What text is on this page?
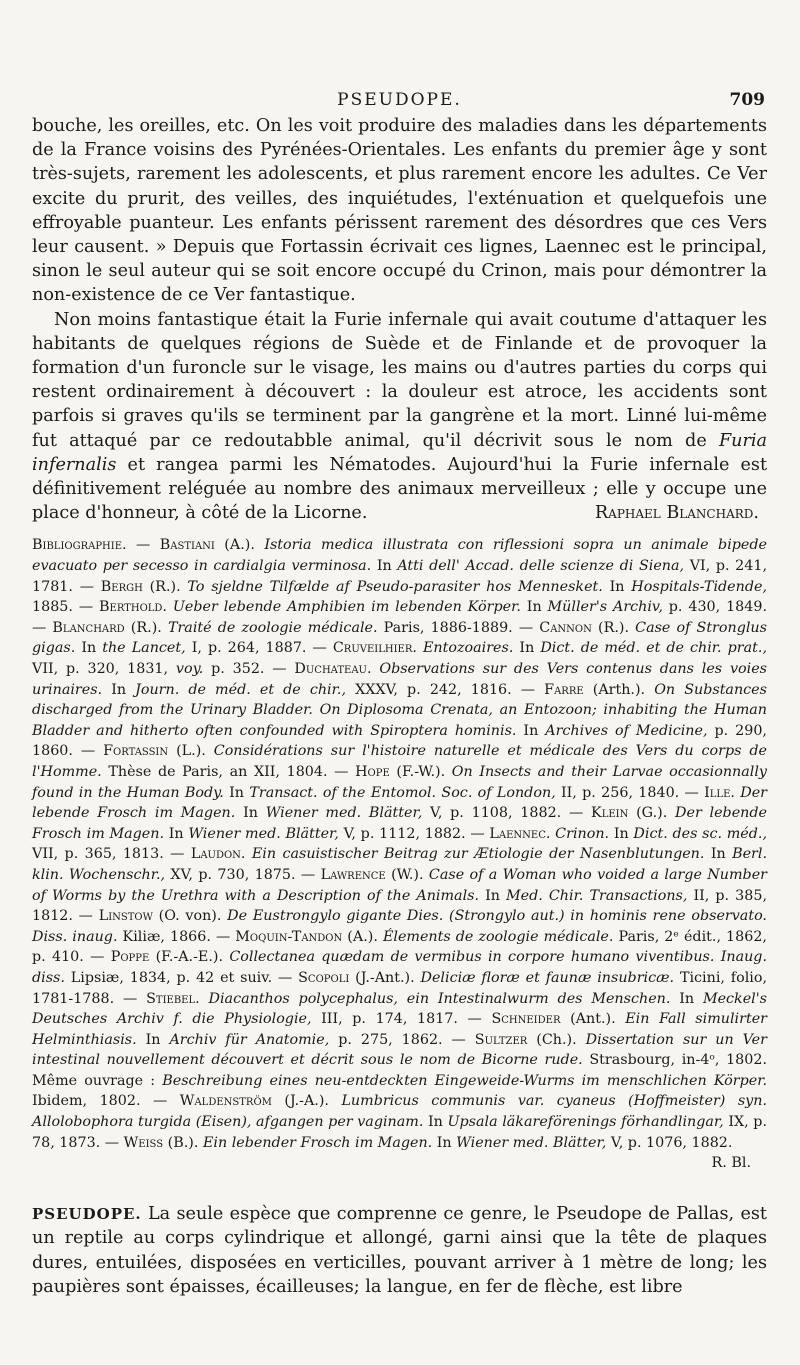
PSEUDOPE.	709

bouche, les oreilles, etc. On les voit produire des maladies dans les départements de la France voisins des Pyrénées-Orientales. Les enfants du premier âge y sont très-sujets, rarement les adolescents, et plus rarement encore les adultes. Ce Ver excite du prurit, des veilles, des inquiétudes, l'exténuation et quelquefois une effroyable puanteur. Les enfants périssent rarement des désordres que ces Vers leur causent. » Depuis que Fortassin écrivait ces lignes, Laennec est le principal, sinon le seul auteur qui se soit encore occupé du Crinon, mais pour démontrer la non-existence de ce Ver fantastique.

Non moins fantastique était la Furie infernale qui avait coutume d'attaquer les habitants de quelques régions de Suède et de Finlande et de provoquer la formation d'un furoncle sur le visage, les mains ou d'autres parties du corps qui restent ordinairement à découvert : la douleur est atroce, les accidents sont parfois si graves qu'ils se terminent par la gangrène et la mort. Linné lui-même fut attaqué par ce redoutabble animal, qu'il décrivit sous le nom de Furia infernalis et rangea parmi les Nématodes. Aujourd'hui la Furie infernale est définitivement reléguée au nombre des animaux merveilleux ; elle y occupe une place d'honneur, à côté de la Licorne.	Raphael Blanchard.

Bibliographie. — Bastiani (A.). Istoria medica illustrata con riflessioni sopra un animale bipede evacuato per secesso in cardialgia verminosa. In Atti dell' Accad. delle scienze di Siena, VI, p. 241, 1781. — Bergh (R.). To sjeldne Tilfælde af Pseudo-parasiter hos Mennesket. In Hospitals-Tidende, 1885. — Berthold. Ueber lebende Amphibien im lebenden Körper. In Müller's Archiv, p. 430, 1849. — Blanchard (R.). Traité de zoologie médicale. Paris, 1886-1889. — Cannon (R.). Case of Stronglus gigas. In the Lancet, I, p. 264, 1887. — Cruveilhier. Entozoaires. In Dict. de méd. et de chir. prat., VII, p. 320, 1831, voy. p. 352. — Duchateau. Observations sur des Vers contenus dans les voies urinaires. In Journ. de méd. et de chir., XXXV, p. 242, 1816. — Farre (Arth.). On Substances discharged from the Urinary Bladder. On Diplosoma Crenata, an Entozoon; inhabiting the Human Bladder and hitherto often confounded with Spiroptera hominis. In Archives of Medicine, p. 290, 1860. — Fortassin (L.). Considérations sur l'histoire naturelle et médicale des Vers du corps de l'Homme. Thèse de Paris, an XII, 1804. — Hope (F.-W.). On Insects and their Larvae occasionnally found in the Human Body. In Transact. of the Entomol. Soc. of London, II, p. 256, 1840. — Ille. Der lebende Frosch im Magen. In Wiener med. Blätter, V, p. 1108, 1882. — Klein (G.). Der lebende Frosch im Magen. In Wiener med. Blätter, V, p. 1112, 1882. — Laennec. Crinon. In Dict. des sc. méd., VII, p. 365, 1813. — Laudon. Ein casuistischer Beitrag zur Ætiologie der Nasenblutungen. In Berl. klin. Wochenschr., XV, p. 730, 1875. — Lawrence (W.). Case of a Woman who voided a large Number of Worms by the Urethra with a Description of the Animals. In Med. Chir. Transactions, II, p. 385, 1812. — Linstow (O. von). De Eustrongylo gigante Dies. (Strongylo aut.) in hominis rene observato. Diss. inaug. Kiliæ, 1866. — Moquin-Tandon (A.). Élements de zoologie médicale. Paris, 2ᵉ édit., 1862, p. 410. — Poppe (F.-A.-E.). Collectanea quædam de vermibus in corpore humano viventibus. Inaug. diss. Lipsiæ, 1834, p. 42 et suiv. — Scopoli (J.-Ant.). Deliciæ floræ et faunæ insubricæ. Ticini, folio, 1781-1788. — Stiebel. Diacanthos polycephalus, ein Intestinalwurm des Menschen. In Meckel's Deutsches Archiv f. die Physiologie, III, p. 174, 1817. — Schneider (Ant.). Ein Fall simulirter Helminthiasis. In Archiv für Anatomie, p. 275, 1862. — Sultzer (Ch.). Dissertation sur un Ver intestinal nouvellement découvert et décrit sous le nom de Bicorne rude. Strasbourg, in-4ᵒ, 1802. Même ouvrage : Beschreibung eines neu-entdeckten Eingeweide-Wurms im menschlichen Körper. Ibidem, 1802. — Waldenström (J.-A.). Lumbricus communis var. cyaneus (Hoffmeister) syn. Allolobophora turgida (Eisen), afgangen per vaginam. In Upsala läkareförenings förhandlingar, IX, p. 78, 1873. — Weiss (B.). Ein lebender Frosch im Magen. In Wiener med. Blätter, V, p. 1076, 1882.
R. Bl.
PSEUDOPE. La seule espèce que comprenne ce genre, le Pseudope de Pallas, est un reptile au corps cylindrique et allongé, garni ainsi que la tête de plaques dures, entuilées, disposées en verticilles, pouvant arriver à 1 mètre de long; les paupières sont épaisses, écailleuses; la langue, en fer de flèche, est libre
